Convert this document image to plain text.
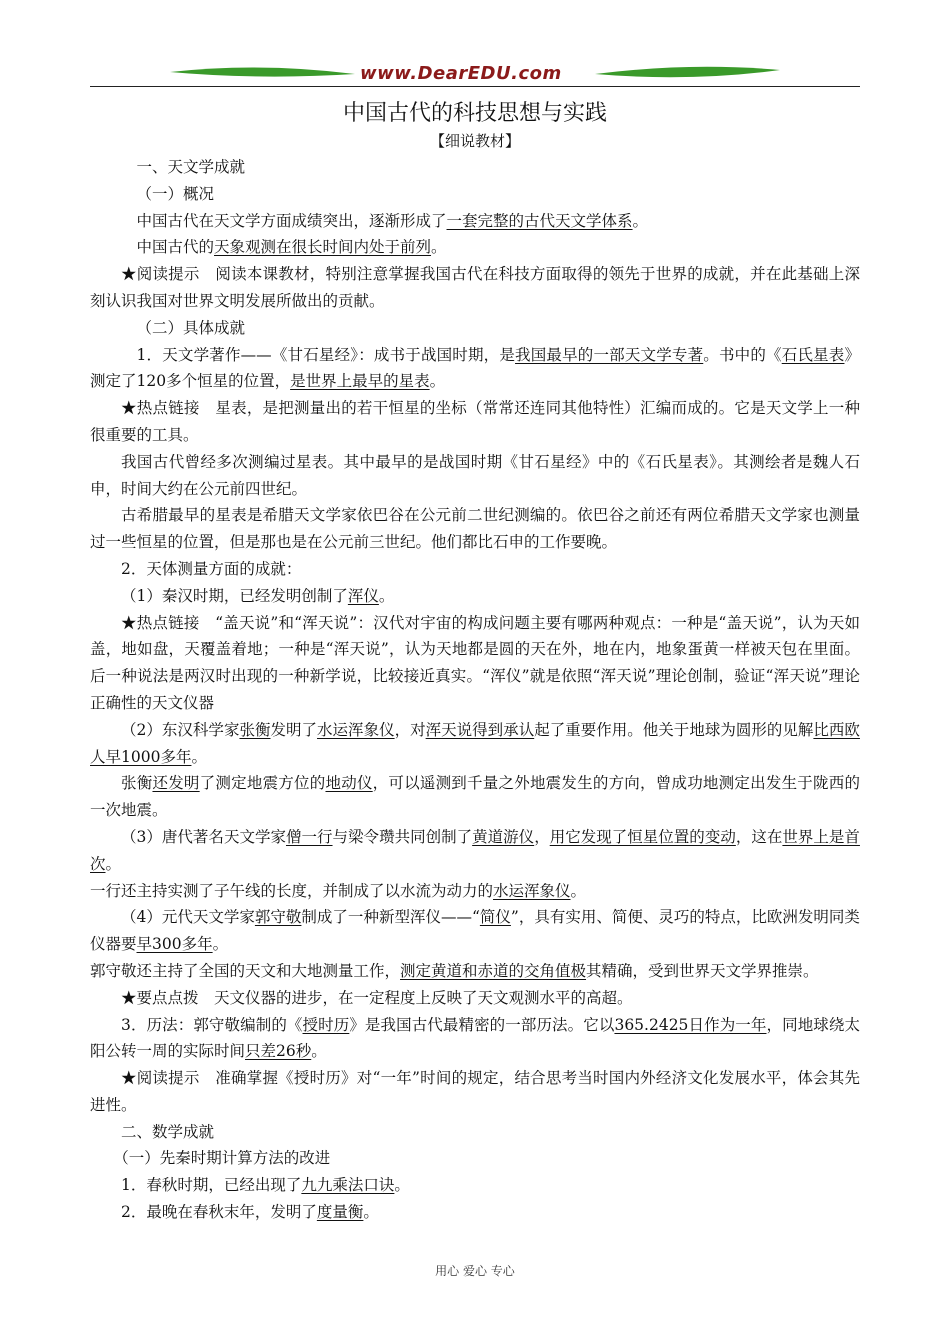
www.DearEDU.com
中国古代的科技思想与实践
【细说教材】

一、天文学成就

（一）概况

中国古代在天文学方面成绩突出，逐渐形成了一套完整的古代天文学体系。

中国古代的天象观测在很长时间内处于前列。

★阅读提示　阅读本课教材，特别注意掌握我国古代在科技方面取得的领先于世界的成就，并在此基础上深刻认识我国对世界文明发展所做出的贡献。

（二）具体成就

1．天文学著作——《甘石星经》：成书于战国时期，是我国最早的一部天文学专著。书中的《石氏星表》测定了120多个恒星的位置，是世界上最早的星表。

★热点链接　星表，是把测量出的若干恒星的坐标（常常还连同其他特性）汇编而成的。它是天文学上一种很重要的工具。

我国古代曾经多次测编过星表。其中最早的是战国时期《甘石星经》中的《石氏星表》。其测绘者是魏人石申，时间大约在公元前四世纪。

古希腊最早的星表是希腊天文学家依巴谷在公元前二世纪测编的。依巴谷之前还有两位希腊天文学家也测量过一些恒星的位置，但是那也是在公元前三世纪。他们都比石申的工作要晚。

2．天体测量方面的成就：

（1）秦汉时期，已经发明创制了浑仪。

★热点链接　“盖天说”和“浑天说”：汉代对宇宙的构成问题主要有哪两种观点：一种是“盖天说”，认为天如盖，地如盘，天覆盖着地；一种是“浑天说”，认为天地都是圆的天在外，地在内，地象蛋黄一样被天包在里面。后一种说法是两汉时出现的一种新学说，比较接近真实。“浑仪”就是依照“浑天说”理论创制，验证“浑天说”理论正确性的天文仪器

（2）东汉科学家张衡发明了水运浑象仪，对浑天说得到承认起了重要作用。他关于地球为圆形的见解比西欧人早1000多年。

张衡还发明了测定地震方位的地动仪，可以遥测到千量之外地震发生的方向，曾成功地测定出发生于陇西的一次地震。

（3）唐代著名天文学家僧一行与梁令瓒共同创制了黄道游仪，用它发现了恒星位置的变动，这在世界上是首次。

一行还主持实测了子午线的长度，并制成了以水流为动力的水运浑象仪。

（4）元代天文学家郭守敬制成了一种新型浑仪——“简仪”，具有实用、简便、灵巧的特点，比欧洲发明同类仪器要早300多年。

郭守敬还主持了全国的天文和大地测量工作，测定黄道和赤道的交角值极其精确，受到世界天文学界推崇。

★要点点拨　天文仪器的进步，在一定程度上反映了天文观测水平的高超。

3．历法：郭守敬编制的《授时历》是我国古代最精密的一部历法。它以365.2425日作为一年，同地球绕太阳公转一周的实际时间只差26秒。

★阅读提示　准确掌握《授时历》对“一年”时间的规定，结合思考当时国内外经济文化发展水平，体会其先进性。

二、数学成就

（一）先秦时期计算方法的改进

1．春秋时期，已经出现了九九乘法口诀。

2．最晚在春秋末年，发明了度量衡。

用心 爱心 专心
